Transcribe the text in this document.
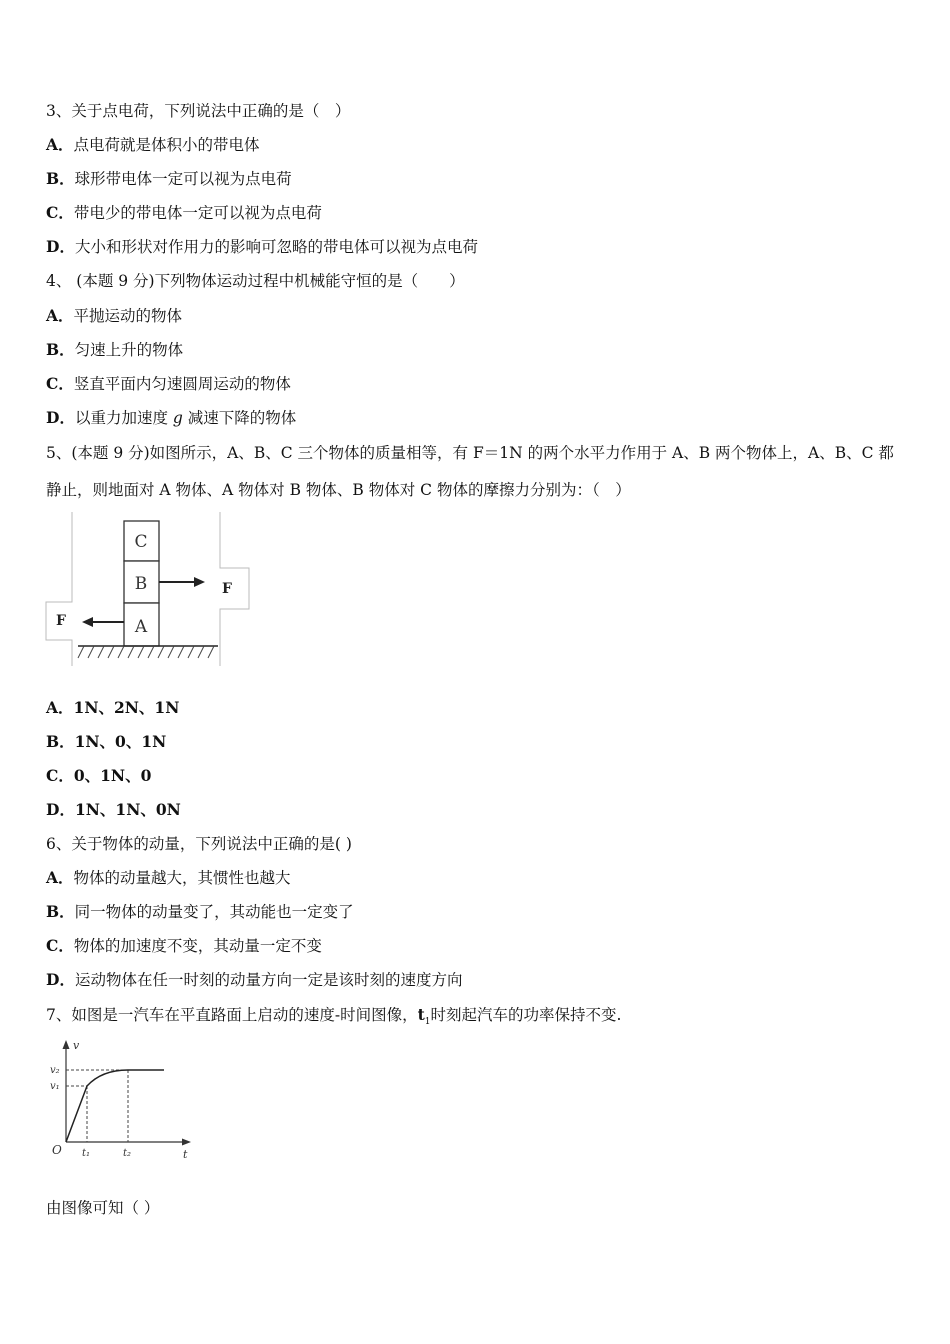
3、关于点电荷，下列说法中正确的是（　）

A．点电荷就是体积小的带电体

B．球形带电体一定可以视为点电荷

C．带电少的带电体一定可以视为点电荷

D．大小和形状对作用力的影响可忽略的带电体可以视为点电荷

4、 (本题 9 分)下列物体运动过程中机械能守恒的是（　　）

A．平抛运动的物体

B．匀速上升的物体

C．竖直平面内匀速圆周运动的物体

D．以重力加速度 g 减速下降的物体

5、(本题 9 分)如图所示，A、B、C 三个物体的质量相等，有 F＝1N 的两个水平力作用于 A、B 两个物体上，A、B、C 都

静止，则地面对 A 物体、A 物体对 B 物体、B 物体对 C 物体的摩擦力分别为：（　）

C
B
A
F
F

A．1N、2N、1N

B．1N、0、1N

C．0、1N、0

D．1N、1N、0N

6、关于物体的动量，下列说法中正确的是( )

A．物体的动量越大，其惯性也越大

B．同一物体的动量变了，其动能也一定变了

C．物体的加速度不变，其动量一定不变

D．运动物体在任一时刻的动量方向一定是该时刻的速度方向

7、如图是一汽车在平直路面上启动的速度-时间图像，$t_1$时刻起汽车的功率保持不变.

v
t
O
v₂
v₁
t₁	t₂

由图像可知（ ）
